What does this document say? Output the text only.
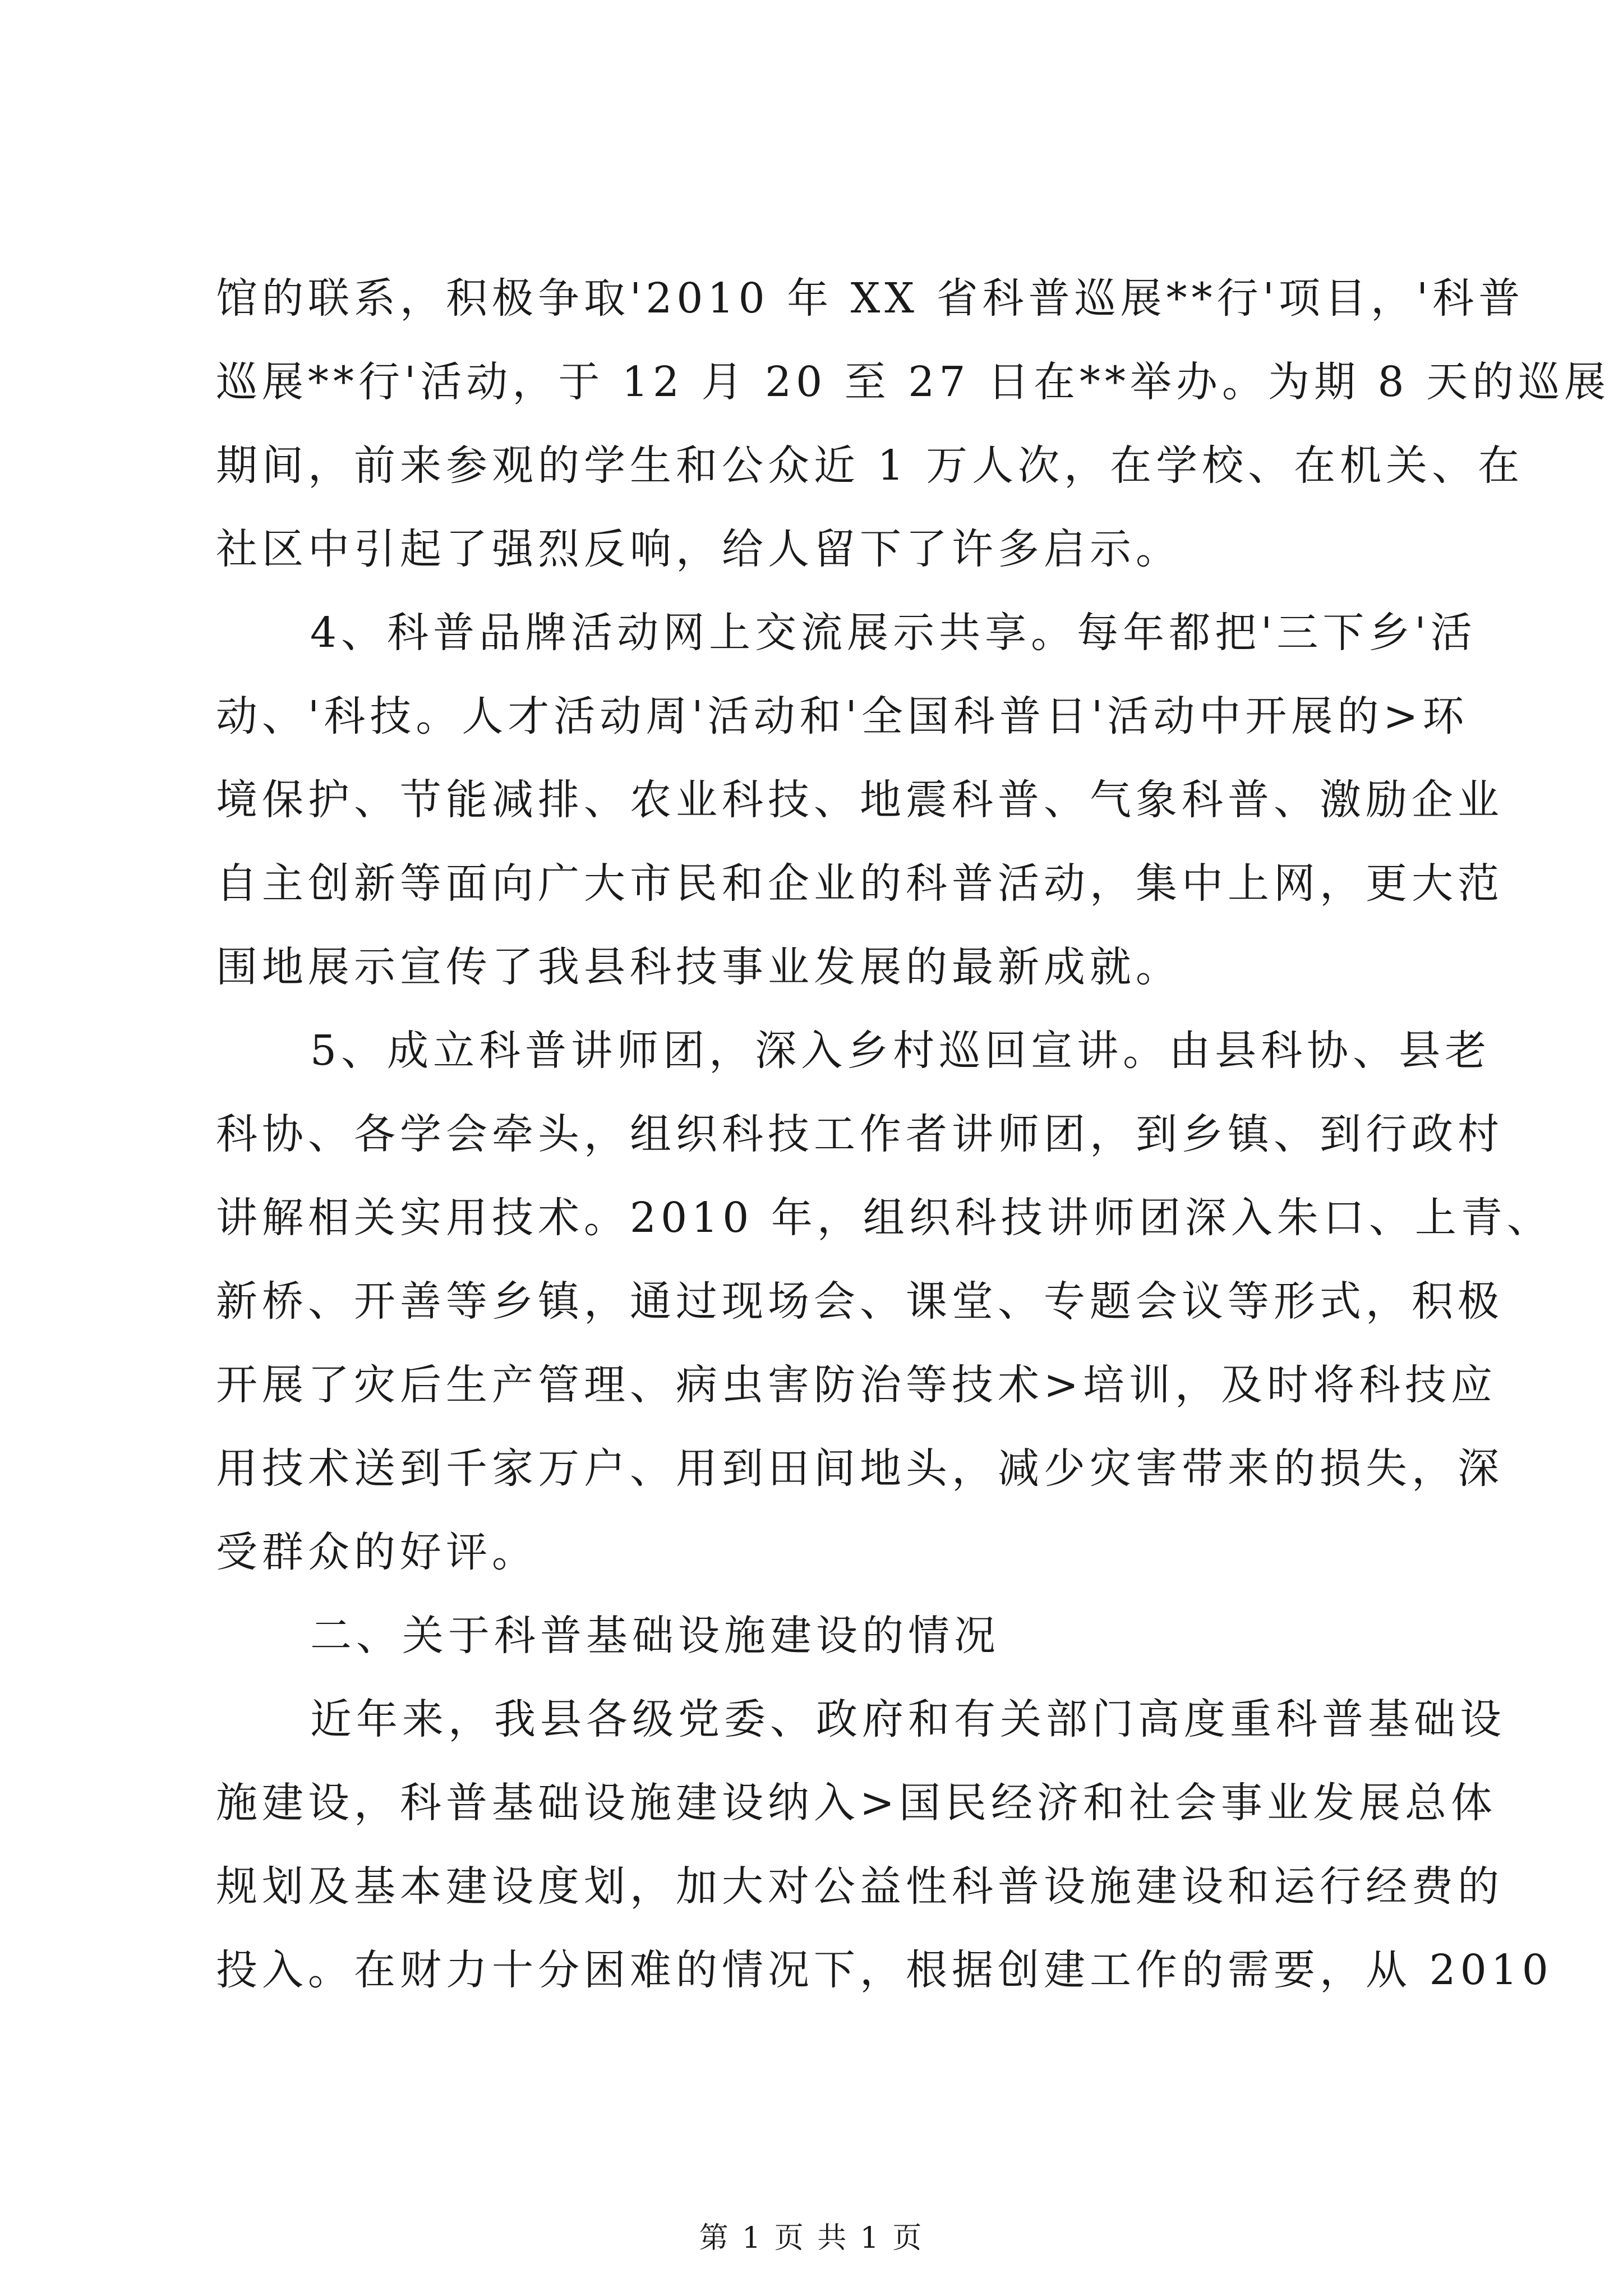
馆的联系，积极争取'2010 年 XX 省科普巡展**行'项目，'科普
巡展**行'活动，于 12 月 20 至 27 日在**举办。为期 8 天的巡展
期间，前来参观的学生和公众近 1 万人次，在学校、在机关、在
社区中引起了强烈反响，给人留下了许多启示。
4、科普品牌活动网上交流展示共享。每年都把'三下乡'活
动、'科技。人才活动周'活动和'全国科普日'活动中开展的>环
境保护、节能减排、农业科技、地震科普、气象科普、激励企业
自主创新等面向广大市民和企业的科普活动，集中上网，更大范
围地展示宣传了我县科技事业发展的最新成就。
5、成立科普讲师团，深入乡村巡回宣讲。由县科协、县老
科协、各学会牵头，组织科技工作者讲师团，到乡镇、到行政村
讲解相关实用技术。2010 年，组织科技讲师团深入朱口、上青、
新桥、开善等乡镇，通过现场会、课堂、专题会议等形式，积极
开展了灾后生产管理、病虫害防治等技术>培训，及时将科技应
用技术送到千家万户、用到田间地头，减少灾害带来的损失，深
受群众的好评。
二、关于科普基础设施建设的情况
近年来，我县各级党委、政府和有关部门高度重科普基础设
施建设，科普基础设施建设纳入>国民经济和社会事业发展总体
规划及基本建设度划，加大对公益性科普设施建设和运行经费的
投入。在财力十分困难的情况下，根据创建工作的需要，从 2010
第 1 页 共 1 页
